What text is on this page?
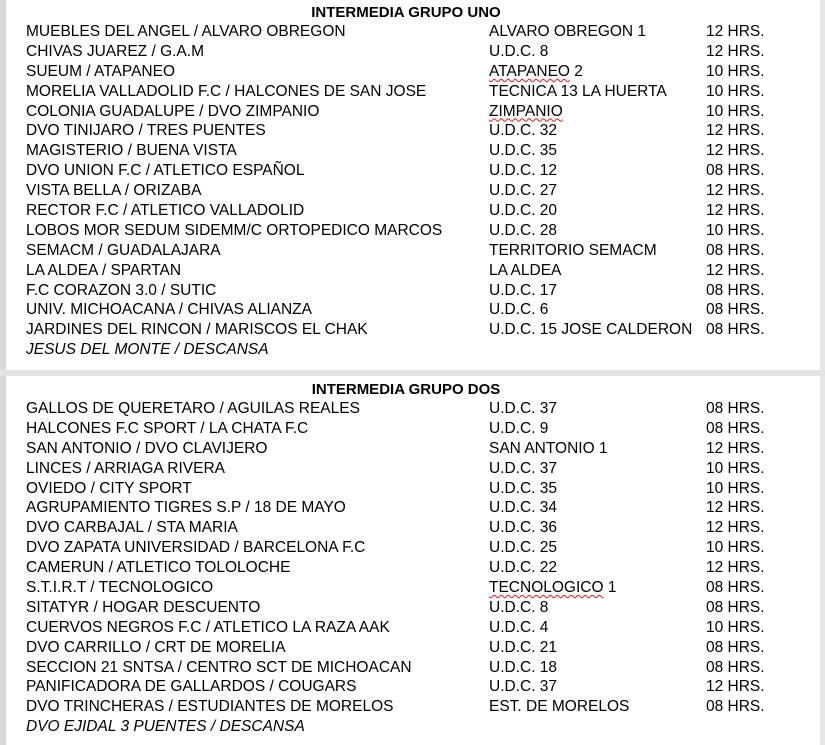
INTERMEDIA GRUPO UNO
MUEBLES DEL ANGEL / ALVARO OBREGON	ALVARO OBREGON 1	12 HRS.
CHIVAS JUAREZ / G.A.M	U.D.C. 8	12 HRS.
SUEUM / ATAPANEO	ATAPANEO 2	10 HRS.
MORELIA VALLADOLID F.C / HALCONES DE SAN JOSE	TECNICA 13 LA HUERTA	10 HRS.
COLONIA GUADALUPE / DVO ZIMPANIO	ZIMPANIO	10 HRS.
DVO TINIJARO / TRES PUENTES	U.D.C. 32	12 HRS.
MAGISTERIO / BUENA VISTA	U.D.C. 35	12 HRS.
DVO UNION F.C / ATLETICO ESPAÑOL	U.D.C. 12	08 HRS.
VISTA BELLA / ORIZABA	U.D.C. 27	12 HRS.
RECTOR F.C / ATLETICO VALLADOLID	U.D.C. 20	12 HRS.
LOBOS MOR SEDUM SIDEMM/C ORTOPEDICO MARCOS	U.D.C. 28	10 HRS.
SEMACM / GUADALAJARA	TERRITORIO SEMACM	08 HRS.
LA ALDEA / SPARTAN	LA ALDEA	12 HRS.
F.C CORAZON 3.0 / SUTIC	U.D.C. 17	08 HRS.
UNIV. MICHOACANA / CHIVAS ALIANZA	U.D.C. 6	08 HRS.
JARDINES DEL RINCON / MARISCOS EL CHAK	U.D.C. 15 JOSE CALDERON 08 HRS.
JESUS DEL MONTE / DESCANSA
INTERMEDIA GRUPO DOS
GALLOS DE QUERETARO / AGUILAS REALES	U.D.C. 37	08 HRS.
HALCONES F.C SPORT / LA CHATA F.C	U.D.C. 9	08 HRS.
SAN ANTONIO / DVO CLAVIJERO	SAN ANTONIO 1	12 HRS.
LINCES / ARRIAGA RIVERA	U.D.C. 37	10 HRS.
OVIEDO / CITY SPORT	U.D.C. 35	10 HRS.
AGRUPAMIENTO TIGRES S.P / 18 DE MAYO	U.D.C. 34	12 HRS.
DVO CARBAJAL / STA MARIA	U.D.C. 36	12 HRS.
DVO ZAPATA UNIVERSIDAD / BARCELONA F.C	U.D.C. 25	10 HRS.
CAMERUN / ATLETICO TOLOLOCHE	U.D.C. 22	12 HRS.
S.T.I.R.T / TECNOLOGICO	TECNOLOGICO 1	08 HRS.
SITATYR / HOGAR DESCUENTO	U.D.C. 8	08 HRS.
CUERVOS NEGROS F.C / ATLETICO LA RAZA AAK	U.D.C. 4	10 HRS.
DVO CARRILLO / CRT DE MORELIA	U.D.C. 21	08 HRS.
SECCION 21 SNTSA / CENTRO SCT DE MICHOACAN	U.D.C. 18	08 HRS.
PANIFICADORA DE GALLARDOS / COUGARS	U.D.C. 37	12 HRS.
DVO TRINCHERAS / ESTUDIANTES DE MORELOS	EST. DE MORELOS	08 HRS.
DVO EJIDAL 3 PUENTES / DESCANSA
